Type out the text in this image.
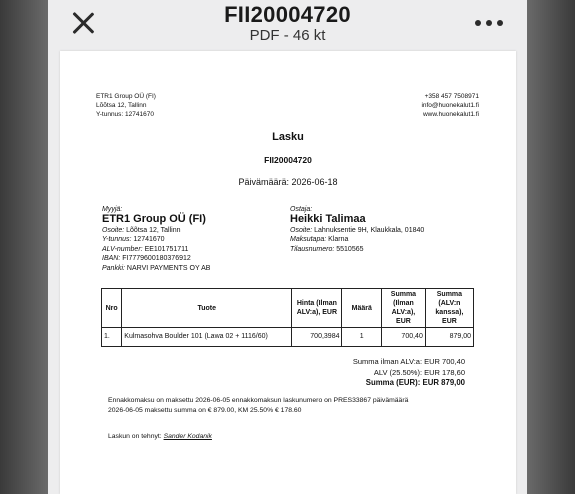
FII20004720
PDF - 46 kt
ETR1 Group OÜ (FI)
Lõõtsa 12, Tallinn
Y-tunnus: 12741670
+358 457 7508971
info@huonekalut1.fi
www.huonekalut1.fi
Lasku
FII20004720
Päivämäärä: 2026-06-18
Myyjä:
ETR1 Group OÜ (FI)
Osoite: Lõõtsa 12, Tallinn
Y-tunnus: 12741670
ALV-number: EE101751711
IBAN: FI7779600180376912
Pankki: NARVI PAYMENTS OY AB
Ostaja:
Heikki Talimaa
Osoite: Lahnuksentie 9H, Klaukkala, 01840
Maksutapa: Klarna
Tilausnumero: 5510565
Nro	Tuote	Hinta (Ilman ALV:a), EUR	Määrä	Summa (Ilman ALV:a), EUR	Summa (ALV:n kanssa), EUR
1.	Kulmasohva Boulder 101 (Lawa 02 + 1116/60)	700,3984	1	700,40	879,00
Summa ilman ALV:a: EUR 700,40
ALV (25.50%): EUR 178,60
Summa (EUR): EUR 879,00
Ennakkomaksu on maksettu 2026-06-05 ennakkomaksun laskunumero on PRES33867 päivämäärä
2026-06-05 maksettu summa on € 879.00, KM 25.50% € 178.60
Laskun on tehnyt: Sander Kodanik
